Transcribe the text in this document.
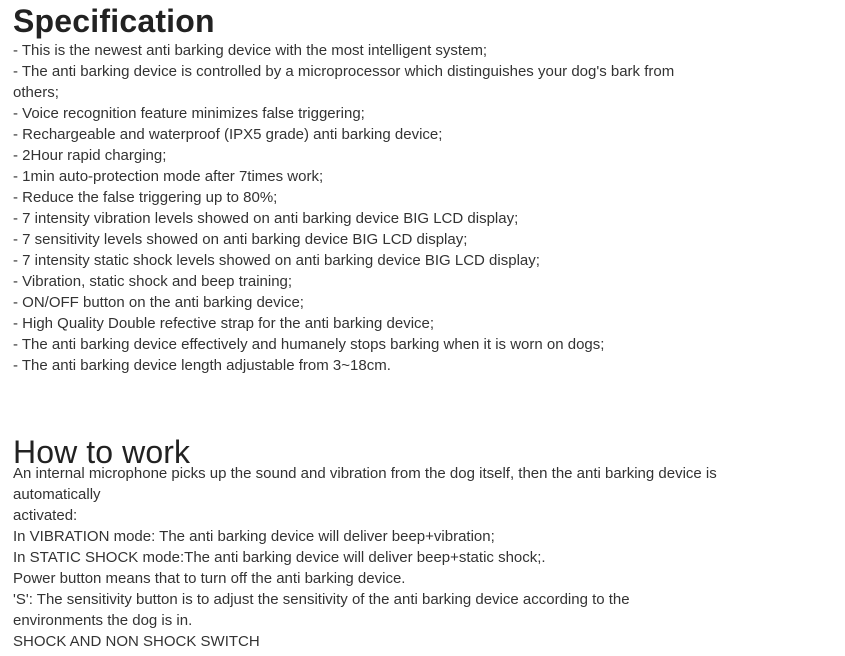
Specification
- This is the newest anti barking device with the most intelligent system;
- The anti barking device is controlled by a microprocessor which distinguishes your dog's bark from
others;
- Voice recognition feature minimizes false triggering;
- Rechargeable and waterproof (IPX5 grade) anti barking device;
- 2Hour rapid charging;
- 1min auto-protection mode after 7times work;
- Reduce the false triggering up to 80%;
- 7 intensity vibration levels showed on anti barking device BIG LCD display;
- 7 sensitivity levels showed on anti barking device BIG LCD display;
- 7 intensity static shock levels showed on anti barking device BIG LCD display;
- Vibration, static shock and beep training;
- ON/OFF button on the anti barking device;
- High Quality Double refective strap for the anti barking device;
- The anti barking device effectively and humanely stops barking when it is worn on dogs;
- The anti barking device length adjustable from 3~18cm.
How to work
An internal microphone picks up the sound and vibration from the dog itself, then the anti barking device is
automatically
activated:
In VIBRATION mode: The anti barking device will deliver beep+vibration;
In STATIC SHOCK mode:The anti barking device will deliver beep+static shock;.
Power button means that to turn off the anti barking device.
'S': The sensitivity button is to adjust the sensitivity of the anti barking device according to the
environments the dog is in.
SHOCK AND NON SHOCK SWITCH
